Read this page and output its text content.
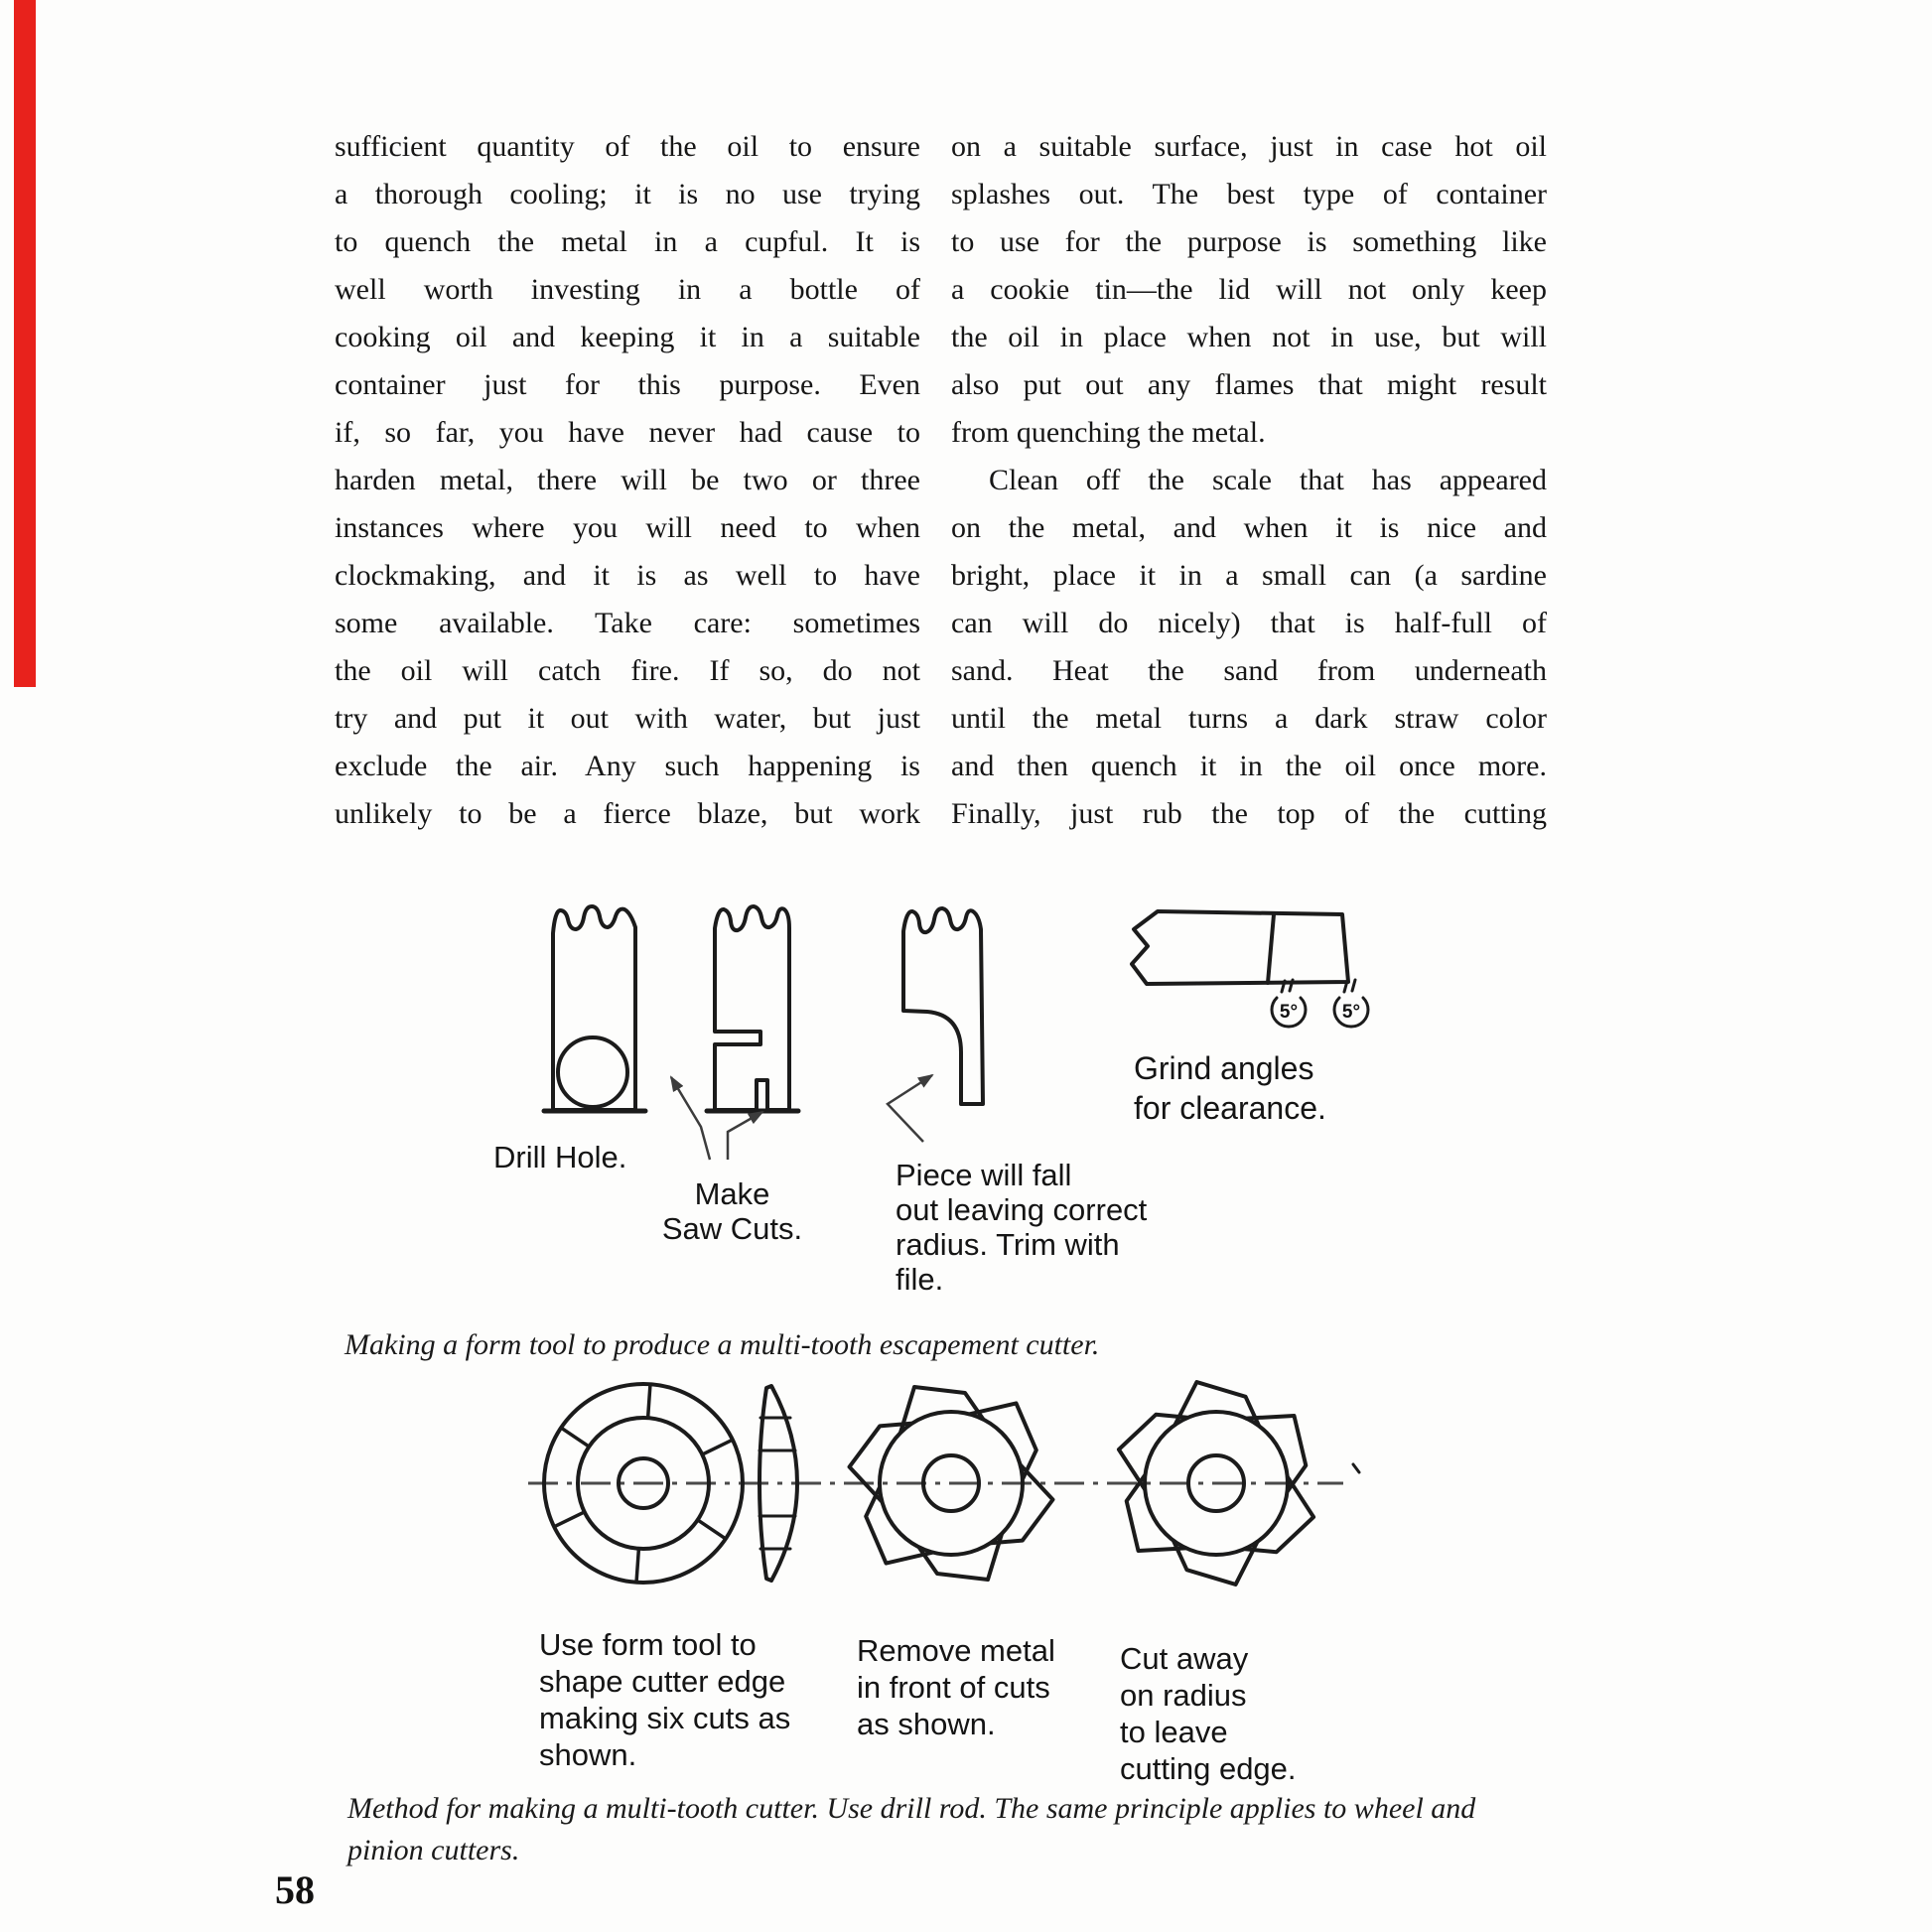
sufficient quantity of the oil to ensure
a thorough cooling; it is no use trying
to quench the metal in a cupful. It is
well worth investing in a bottle of
cooking oil and keeping it in a suitable
container just for this purpose. Even
if, so far, you have never had cause to
harden metal, there will be two or three
instances where you will need to when
clockmaking, and it is as well to have
some available. Take care: sometimes
the oil will catch fire. If so, do not
try and put it out with water, but just
exclude the air. Any such happening is
unlikely to be a fierce blaze, but work
on a suitable surface, just in case hot oil
splashes out. The best type of container
to use for the purpose is something like
a cookie tin—the lid will not only keep
the oil in place when not in use, but will
also put out any flames that might result
from quenching the metal.
Clean off the scale that has appeared
on the metal, and when it is nice and
bright, place it in a small can (a sardine
can will do nicely) that is half-full of
sand. Heat the sand from underneath
until the metal turns a dark straw color
and then quench it in the oil once more.
Finally, just rub the top of the cutting
5° 5°
Drill Hole.
Make
Saw Cuts.
Piece will fall
out leaving correct
radius. Trim with
file.
Grind angles
for clearance.
Making a form tool to produce a multi-tooth escapement cutter.
Use form tool to
shape cutter edge
making six cuts as
shown.
Remove metal
in front of cuts
as shown.
Cut away
on radius
to leave
cutting edge.
Method for making a multi-tooth cutter. Use drill rod. The same principle applies to wheel and
pinion cutters.
58
